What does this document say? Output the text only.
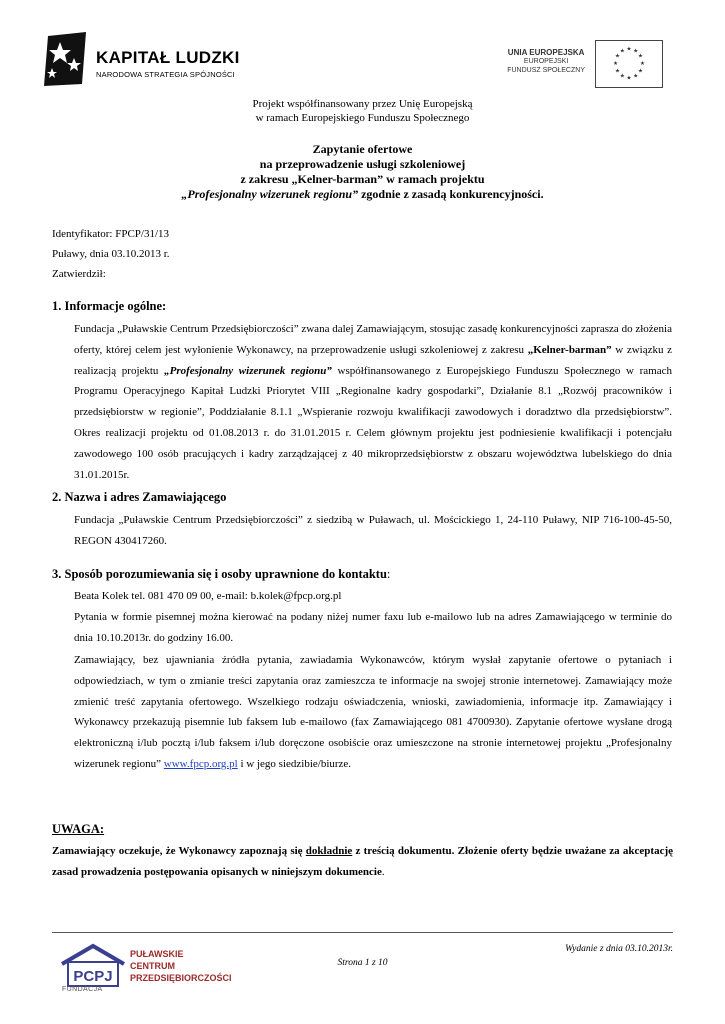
KAPITAŁ LUDZKI
NARODOWA STRATEGIA SPÓJNOŚCI
UNIA EUROPEJSKA
EUROPEJSKI
FUNDUSZ SPOŁECZNY
★ ★
★
★
★
★
★
★
★
★
★
★
Projekt współfinansowany przez Unię Europejską
w ramach Europejskiego Funduszu Społecznego
Zapytanie ofertowe
na przeprowadzenie usługi szkoleniowej
z zakresu „Kelner-barman” w ramach projektu
„Profesjonalny wizerunek regionu” zgodnie z zasadą konkurencyjności.
Identyfikator: FPCP/31/13
Puławy, dnia 03.10.2013 r.
Zatwierdził:
1. Informacje ogólne:
Fundacja „Puławskie Centrum Przedsiębiorczości” zwana dalej Zamawiającym, stosując zasadę konkurencyjności zaprasza do złożenia oferty, której celem jest wyłonienie Wykonawcy, na przeprowadzenie usługi szkoleniowej z zakresu „Kelner-barman” w związku z realizacją projektu „Profesjonalny wizerunek regionu” współfinansowanego z Europejskiego Funduszu Społecznego w ramach Programu Operacyjnego Kapitał Ludzki Priorytet VIII „Regionalne kadry gospodarki”, Działanie 8.1 „Rozwój pracowników i przedsiębiorstw w regionie”, Poddziałanie 8.1.1 „Wspieranie rozwoju kwalifikacji zawodowych i doradztwo dla przedsiębiorstw”. Okres realizacji projektu od 01.08.2013 r. do 31.01.2015 r. Celem głównym projektu jest podniesienie kwalifikacji i potencjału zawodowego 100 osób pracujących i kadry zarządzającej z 40 mikroprzedsiębiorstw z obszaru województwa lubelskiego do dnia 31.01.2015r.
2. Nazwa i adres Zamawiającego
Fundacja „Puławskie Centrum Przedsiębiorczości” z siedzibą w Puławach, ul. Mościckiego 1, 24-110 Puławy, NIP 716-100-45-50, REGON 430417260.
3. Sposób porozumiewania się i osoby uprawnione do kontaktu:
Beata Kolek tel. 081 470 09 00, e-mail: b.kolek@fpcp.org.pl
Pytania w formie pisemnej można kierować na podany niżej numer faxu lub e-mailowo lub na adres Zamawiającego w terminie do dnia 10.10.2013r. do godziny 16.00.
Zamawiający, bez ujawniania źródła pytania, zawiadamia Wykonawców, którym wysłał zapytanie ofertowe o pytaniach i odpowiedziach, w tym o zmianie treści zapytania oraz zamieszcza te informacje na swojej stronie internetowej. Zamawiający może zmienić treść zapytania ofertowego. Wszelkiego rodzaju oświadczenia, wnioski, zawiadomienia, informacje itp. Zamawiający i Wykonawcy przekazują pisemnie lub faksem lub e-mailowo (fax Zamawiającego 081 4700930). Zapytanie ofertowe wysłane drogą elektroniczną i/lub pocztą i/lub faksem i/lub doręczone osobiście oraz umieszczone na stronie internetowej projektu „Profesjonalny wizerunek regionu” www.fpcp.org.pl i w jego siedzibie/biurze.
UWAGA:
Zamawiający oczekuje, że Wykonawcy zapoznają się dokładnie z treścią dokumentu. Złożenie oferty będzie uważane za akceptację zasad prowadzenia postępowania opisanych w niniejszym dokumencie.
PCPJ
FUNDACJA
PUŁAWSKIE
CENTRUM
PRZEDSIĘBIORCZOŚCI
Strona 1 z 10
Wydanie z dnia 03.10.2013r.
